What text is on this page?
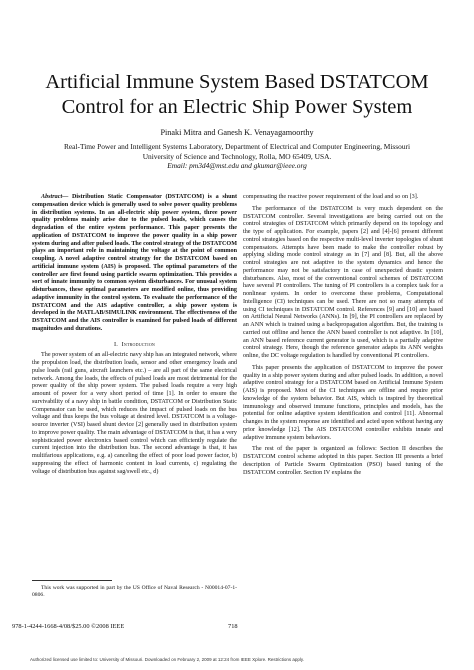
Artificial Immune System Based DSTATCOM
Control for an Electric Ship Power System
Pinaki Mitra and Ganesh K. Venayagamoorthy
Real-Time Power and Intelligent Systems Laboratory, Department of Electrical and Computer Engineering, Missouri
University of Science and Technology, Rolla, MO 65409, USA.
Email: pm3d4@mst.edu and gkumar@ieee.org

Abstract— Distribution Static Compensator (DSTATCOM) is a shunt compensation device which is generally used to solve power quality problems in distribution systems. In an all-electric ship power system, three power quality problems mainly arise due to the pulsed loads, which causes the degradation of the entire system performance. This paper presents the application of DSTATCOM to improve the power quality in a ship power system during and after pulsed loads. The control strategy of the DSTATCOM plays an important role in maintaining the voltage at the point of common coupling. A novel adaptive control strategy for the DSTATCOM based on artificial immune system (AIS) is proposed. The optimal parameters of the controller are first found using particle swarm optimization. This provides a sort of innate immunity to common system disturbances. For unusual system disturbances, these optimal parameters are modified online, thus providing adaptive immunity in the control system. To evaluate the performance of the DSTATCOM and the AIS adaptive controller, a ship power system is developed in the MATLAB/SIMULINK environment. The effectiveness of the DSTATCOM and the AIS controller is examined for pulsed loads of different magnitudes and durations.

I. Introduction

The power system of an all-electric navy ship has an integrated network, where the propulsion load, the distribution loads, sensor and other emergency loads and pulse loads (rail guns, aircraft launchers etc.) – are all part of the same electrical network. Among the loads, the effects of pulsed loads are most detrimental for the power quality of the ship power system. The pulsed loads require a very high amount of power for a very short period of time [1]. In order to ensure the survivability of a navy ship in battle condition, DSTATCOM or Distribution Static Compensator can be used, which reduces the impact of pulsed loads on the bus voltage and thus keeps the bus voltage at desired level. DSTATCOM is a voltage-source inverter (VSI) based shunt device [2] generally used in distribution system to improve power quality. The main advantage of DSTATCOM is that, it has a very sophisticated power electronics based control which can efficiently regulate the current injection into the distribution bus. The second advantage is that, it has multifarious applications, e.g. a) canceling the effect of poor load power factor, b) suppressing the effect of harmonic content in load currents, c) regulating the voltage of distribution bus against sag/swell etc., d)

This work was supported in part by the US Office of Naval Research - N00014-07-1-0806.

compensating the reactive power requirement of the load and so on [3].

The performance of the DSTATCOM is very much dependent on the DSTATCOM controller. Several investigations are being carried out on the control strategies of DSTATCOM which primarily depend on its topology and the type of application. For example, papers [2] and [4]-[6] present different control strategies based on the respective multi-level inverter topologies of shunt compensators. Attempts have been made to make the controller robust by applying sliding mode control strategy as in [7] and [8]. But, all the above control strategies are not adaptive to the system dynamics and hence the performance may not be satisfactory in case of unexpected drastic system disturbances. Also, most of the conventional control schemes of DSTATCOM have several PI controllers. The tuning of PI controllers is a complex task for a nonlinear system. In order to overcome these problems, Computational Intelligence (CI) techniques can be used. There are not so many attempts of using CI techniques in DSTATCOM control. References [9] and [10] are based on Artificial Neural Networks (ANNs). In [9], the PI controllers are replaced by an ANN which is trained using a backpropagation algorithm. But, the training is carried out offline and hence the ANN based controller is not adaptive. In [10], an ANN based reference current generator is used, which is a partially adaptive control strategy. Here, though the reference generator adapts its ANN weights online, the DC voltage regulation is handled by conventional PI controllers.

This paper presents the application of DSTATCOM to improve the power quality in a ship power system during and after pulsed loads. In addition, a novel adaptive control strategy for a DSTATCOM based on Artificial Immune System (AIS) is proposed. Most of the CI techniques are offline and require prior knowledge of the system behavior. But AIS, which is inspired by theoretical immunology and observed immune functions, principles and models, has the potential for online adaptive system identification and control [11]. Abnormal changes in the system response are identified and acted upon without having any prior knowledge [12]. The AIS DSTATCOM controller exhibits innate and adaptive immune system behaviors.

The rest of the paper is organized as follows: Section II describes the DSTATCOM control scheme adopted in this paper. Section III presents a brief description of Particle Swarm Optimization (PSO) based tuning of the DSTATCOM controller. Section IV explains the

978-1-4244-1668-4/08/$25.00 ©2008 IEEE	718
Authorized licensed use limited to: University of Missouri. Downloaded on February 2, 2009 at 12:24 from IEEE Xplore. Restrictions apply.
